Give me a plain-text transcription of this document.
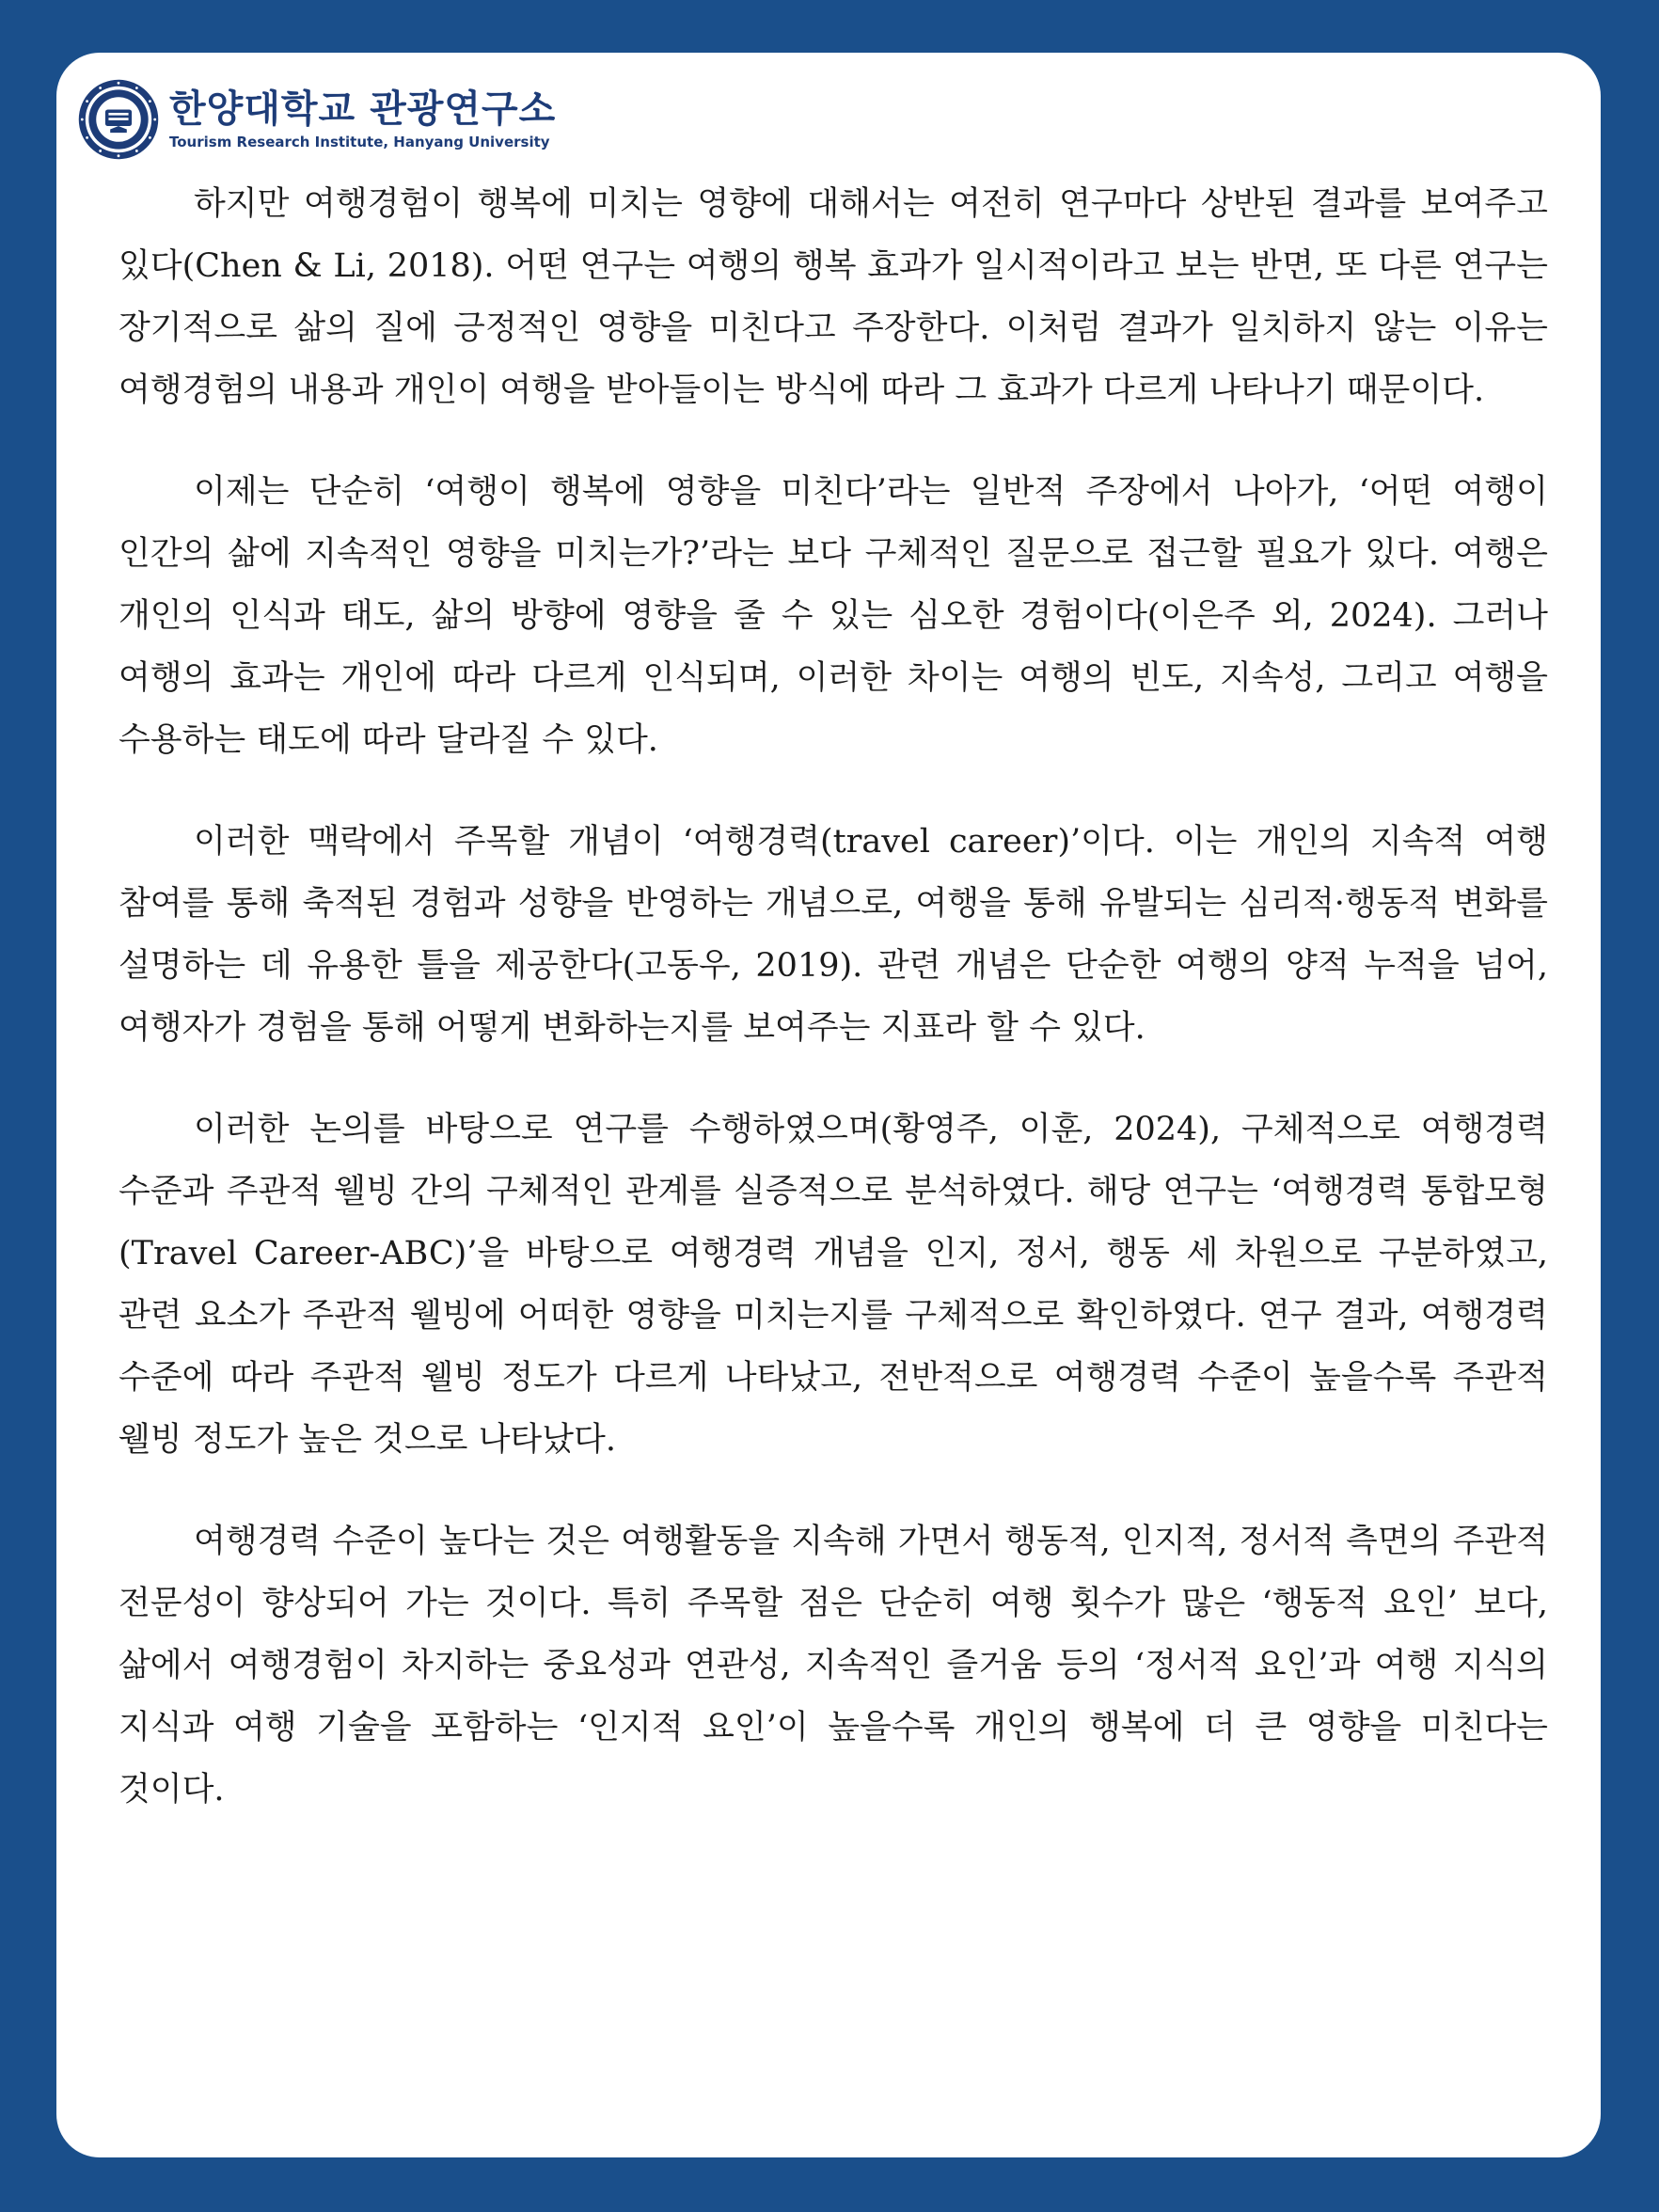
한양대학교 관광연구소
Tourism Research Institute, Hanyang University

하지만 여행경험이 행복에 미치는 영향에 대해서는 여전히 연구마다 상반된 결과를 보여주고 있다(Chen & Li, 2018). 어떤 연구는 여행의 행복 효과가 일시적이라고 보는 반면, 또 다른 연구는 장기적으로 삶의 질에 긍정적인 영향을 미친다고 주장한다. 이처럼 결과가 일치하지 않는 이유는 여행경험의 내용과 개인이 여행을 받아들이는 방식에 따라 그 효과가 다르게 나타나기 때문이다.

이제는 단순히 ‘여행이 행복에 영향을 미친다’라는 일반적 주장에서 나아가, ‘어떤 여행이 인간의 삶에 지속적인 영향을 미치는가?’라는 보다 구체적인 질문으로 접근할 필요가 있다. 여행은 개인의 인식과 태도, 삶의 방향에 영향을 줄 수 있는 심오한 경험이다(이은주 외, 2024). 그러나 여행의 효과는 개인에 따라 다르게 인식되며, 이러한 차이는 여행의 빈도, 지속성, 그리고 여행을 수용하는 태도에 따라 달라질 수 있다.

이러한 맥락에서 주목할 개념이 ‘여행경력(travel career)’이다. 이는 개인의 지속적 여행 참여를 통해 축적된 경험과 성향을 반영하는 개념으로, 여행을 통해 유발되는 심리적·행동적 변화를 설명하는 데 유용한 틀을 제공한다(고동우, 2019). 관련 개념은 단순한 여행의 양적 누적을 넘어, 여행자가 경험을 통해 어떻게 변화하는지를 보여주는 지표라 할 수 있다.

이러한 논의를 바탕으로 연구를 수행하였으며(황영주, 이훈, 2024), 구체적으로 여행경력 수준과 주관적 웰빙 간의 구체적인 관계를 실증적으로 분석하였다. 해당 연구는 ‘여행경력 통합모형(Travel Career-ABC)’을 바탕으로 여행경력 개념을 인지, 정서, 행동 세 차원으로 구분하였고, 관련 요소가 주관적 웰빙에 어떠한 영향을 미치는지를 구체적으로 확인하였다. 연구 결과, 여행경력 수준에 따라 주관적 웰빙 정도가 다르게 나타났고, 전반적으로 여행경력 수준이 높을수록 주관적 웰빙 정도가 높은 것으로 나타났다.

여행경력 수준이 높다는 것은 여행활동을 지속해 가면서 행동적, 인지적, 정서적 측면의 주관적 전문성이 향상되어 가는 것이다. 특히 주목할 점은 단순히 여행 횟수가 많은 ‘행동적 요인’ 보다, 삶에서 여행경험이 차지하는 중요성과 연관성, 지속적인 즐거움 등의 ‘정서적 요인’과 여행 지식의 지식과 여행 기술을 포함하는 ‘인지적 요인’이 높을수록 개인의 행복에 더 큰 영향을 미친다는 것이다.
